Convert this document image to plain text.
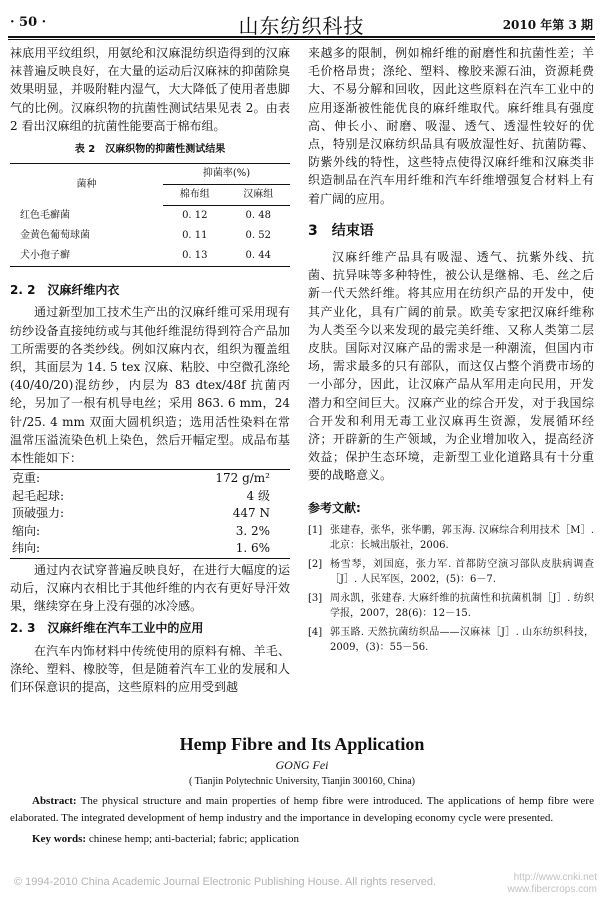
· 50 ·	山东纺织科技	2010 年第 3 期

袜底用平纹组织，用氨纶和汉麻混纺织造得到的汉麻袜普遍反映良好，在大量的运动后汉麻袜的抑菌除臭效果明显，并吸附鞋内湿气，大大降低了使用者患脚气的比例。汉麻织物的抗菌性测试结果见表 2。由表 2 看出汉麻组的抗菌性能要高于棉布组。

表 2　汉麻织物的抑菌性测试结果
菌种	抑菌率(%)	
	棉布组	汉麻组
红色毛癣菌	0. 12	0. 48
金黄色葡萄球菌	0. 11	0. 52
犬小孢子癣	0. 13	0. 44
2. 2　汉麻纤维内衣

通过新型加工技术生产出的汉麻纤维可采用现有纺纱设备直接纯纺或与其他纤维混纺得到符合产品加工所需要的各类纱线。例如汉麻内衣，组织为覆盖组织，其面层为 14. 5 tex 汉麻、粘胶、中空微孔涤纶(40/40/20)混纺纱，内层为 83 dtex/48f 抗菌丙纶，另加了一根有机导电丝；采用 863. 6 mm，24 针/25. 4 mm 双面大圆机织造；选用活性染料在常温常压溢流染色机上染色，然后开幅定型。成品布基本性能如下：

克重:	172 g/m²
起毛起球:	4 级
顶破强力:	447 N
缩向:	3. 2%
纬向:	1. 6%

通过内衣试穿普遍反映良好，在进行大幅度的运动后，汉麻内衣相比于其他纤维的内衣有更好导汗效果，继续穿在身上没有强的冰冷感。

2. 3　汉麻纤维在汽车工业中的应用

在汽车内饰材料中传统使用的原料有棉、羊毛、涤纶、塑料、橡胶等，但是随着汽车工业的发展和人们环保意识的提高，这些原料的应用受到越

来越多的限制，例如棉纤维的耐磨性和抗菌性差；羊毛价格昂贵；涤纶、塑料、橡胶来源石油，资源耗费大、不易分解和回收，因此这些原料在汽车工业中的应用逐渐被性能优良的麻纤维取代。麻纤维具有强度高、伸长小、耐磨、吸湿、透气、透湿性较好的优点，特别是汉麻纺织品具有吸放湿性好、抗菌防霉、防紫外线的特性，这些特点使得汉麻纤维和汉麻类非织造制品在汽车用纤维和汽车纤维增强复合材料上有着广阔的应用。

3　结束语

汉麻纤维产品具有吸湿、透气、抗紫外线、抗菌、抗异味等多种特性，被公认是继棉、毛、丝之后新一代天然纤维。将其应用在纺织产品的开发中，使其产业化，具有广阔的前景。欧美专家把汉麻纤维称为人类至今以来发现的最完美纤维、又称人类第二层皮肤。国际对汉麻产品的需求是一种潮流，但国内市场，需求最多的只有部队，而这仅占整个消费市场的一小部分，因此，让汉麻产品从军用走向民用，开发潜力和空间巨大。汉麻产业的综合开发，对于我国综合开发和利用无毒工业汉麻再生资源，发展循环经济；开辟新的生产领域，为企业增加收入，提高经济效益；保护生态环境，走新型工业化道路具有十分重要的战略意义。

参考文献:
[1] 张建春，张华，张华鹏，郭玉海. 汉麻综合利用技术［M］. 北京：长城出版社，2006.
[2] 杨雪琴，刘国庭，张力军. 首都防空演习部队皮肤病调查［J］. 人民军医，2002，(5)：6－7.
[3] 周永凯，张建春. 大麻纤维的抗菌性和抗菌机制［J］. 纺织学报，2007，28(6)：12－15.
[4] 郭玉路. 天然抗菌纺织品——汉麻袜［J］. 山东纺织科技，2009，(3)：55－56.
Hemp Fibre and Its Application
GONG Fei
( Tianjin Polytechnic University, Tianjin 300160, China)
Abstract: The physical structure and main properties of hemp fibre were introduced. The applications of hemp fibre were elaborated. The integrated development of hemp industry and the importance in developing economy cycle were presented.
Key words: chinese hemp; anti-bacterial; fabric; application
© 1994-2010 China Academic Journal Electronic Publishing House. All rights reserved.	http://www.cnki.net
www.fibercrops.com
